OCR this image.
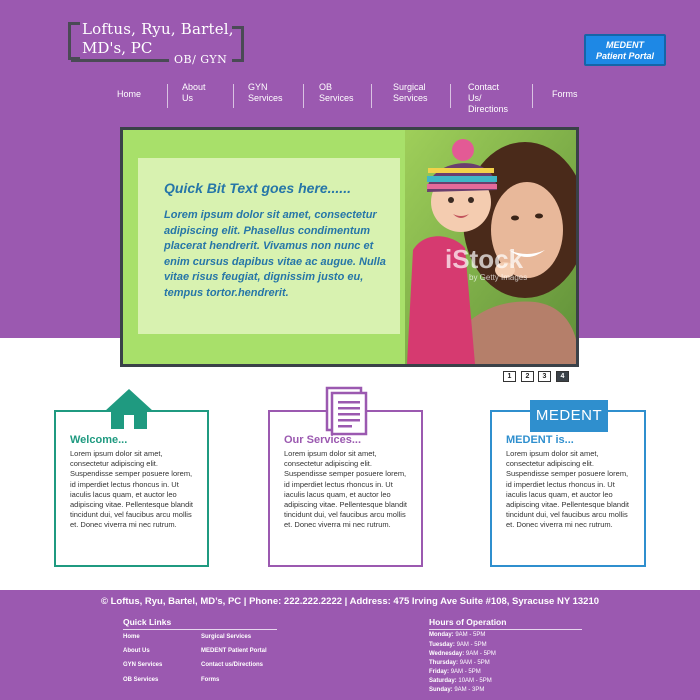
Loftus, Ryu, Bartel,
MD's, PC
OB/ GYN
MEDENT
Patient Portal
Home
About
Us
GYN
Services
OB
Services
Surgical
Services
Contact Us/
Directions
Forms
Quick Bit Text goes here......
Lorem ipsum dolor sit amet, consectetur adipiscing elit. Phasellus condimentum placerat hendrerit. Vivamus non nunc et enim cursus dapibus vitae ac augue. Nulla vitae risus feugiat, dignissim justo eu, tempus tortor.hendrerit.
iStock
by Getty Images
1	2	3	4
Welcome...
Lorem ipsum dolor sit amet, consectetur adipiscing elit. Suspendisse semper posuere lorem, id imperdiet lectus rhoncus in. Ut iaculis lacus quam, et auctor leo adipiscing vitae. Pellentesque blandit tincidunt dui, vel faucibus arcu mollis et. Donec viverra mi nec rutrum.
Our Services...
Lorem ipsum dolor sit amet, consectetur adipiscing elit. Suspendisse semper posuere lorem, id imperdiet lectus rhoncus in. Ut iaculis lacus quam, et auctor leo adipiscing vitae. Pellentesque blandit tincidunt dui, vel faucibus arcu mollis et. Donec viverra mi nec rutrum.
MEDENT is...
Lorem ipsum dolor sit amet, consectetur adipiscing elit. Suspendisse semper posuere lorem, id imperdiet lectus rhoncus in. Ut iaculis lacus quam, et auctor leo adipiscing vitae. Pellentesque blandit tincidunt dui, vel faucibus arcu mollis et. Donec viverra mi nec rutrum.
MEDENT
© Loftus, Ryu, Bartel, MD’s, PC | Phone: 222.222.2222 | Address: 475 Irving Ave Suite #108, Syracuse NY 13210
Quick Links
Home	Surgical Services
About Us	MEDENT Patient Portal
GYN Services	Contact us/Directions
OB Services	Forms
Hours of Operation
Monday: 9AM - 5PM
Tuesday: 9AM - 5PM
Wednesday: 9AM - 5PM
Thursday: 9AM - 5PM
Friday: 9AM - 5PM
Saturday: 10AM - 5PM
Sunday: 9AM - 3PM
